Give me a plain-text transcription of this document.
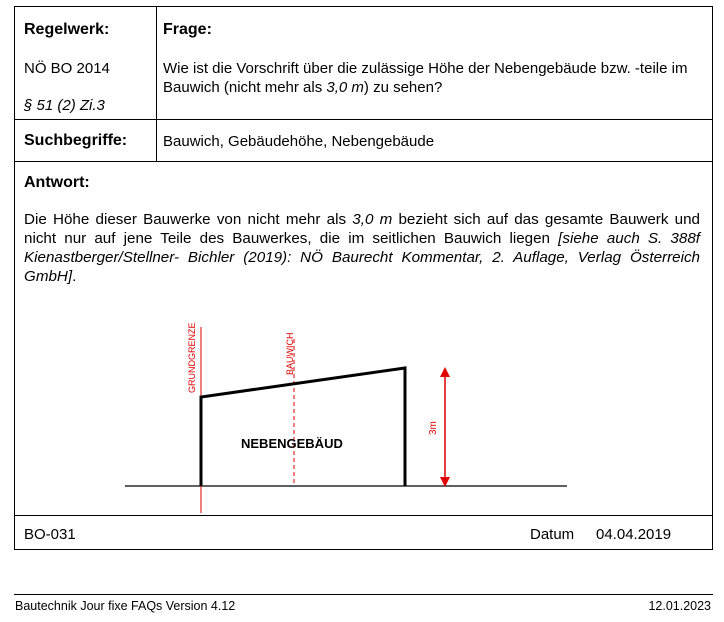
Regelwerk:
NÖ BO 2014
§ 51 (2) Zi.3
Frage:
Wie ist die Vorschrift über die zulässige Höhe der Nebengebäude bzw. -teile im Bauwich (nicht mehr als 3,0 m) zu sehen?
Suchbegriffe: Bauwich, Gebäudehöhe, Nebengebäude
Antwort:
Die Höhe dieser Bauwerke von nicht mehr als 3,0 m bezieht sich auf das gesamte Bauwerk und nicht nur auf jene Teile des Bauwerkes, die im seitlichen Bauwich liegen [siehe auch S. 388f Kienastberger/Stellner- Bichler (2019): NÖ Baurecht Kommentar, 2. Auflage, Verlag Österreich GmbH].
GRUNDGRENZE	BAUWICH
NEBENGEBÄUD
3m
BO-031	Datum 04.04.2019
Bautechnik Jour fixe FAQs Version 4.12	12.01.2023
